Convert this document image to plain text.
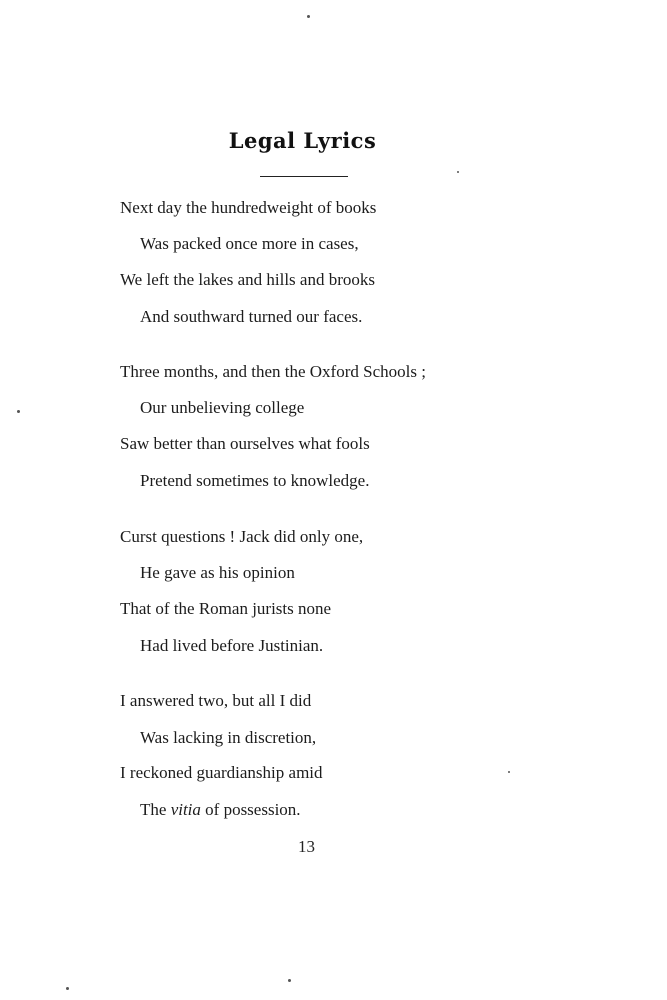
Legal Lyrics
Next day the hundredweight of books
Was packed once more in cases,
We left the lakes and hills and brooks
And southward turned our faces.
Three months, and then the Oxford Schools ;
Our unbelieving college
Saw better than ourselves what fools
Pretend sometimes to knowledge.
Curst questions ! Jack did only one,
He gave as his opinion
That of the Roman jurists none
Had lived before Justinian.
I answered two, but all I did
Was lacking in discretion,
I reckoned guardianship amid
The vitia of possession.
13
